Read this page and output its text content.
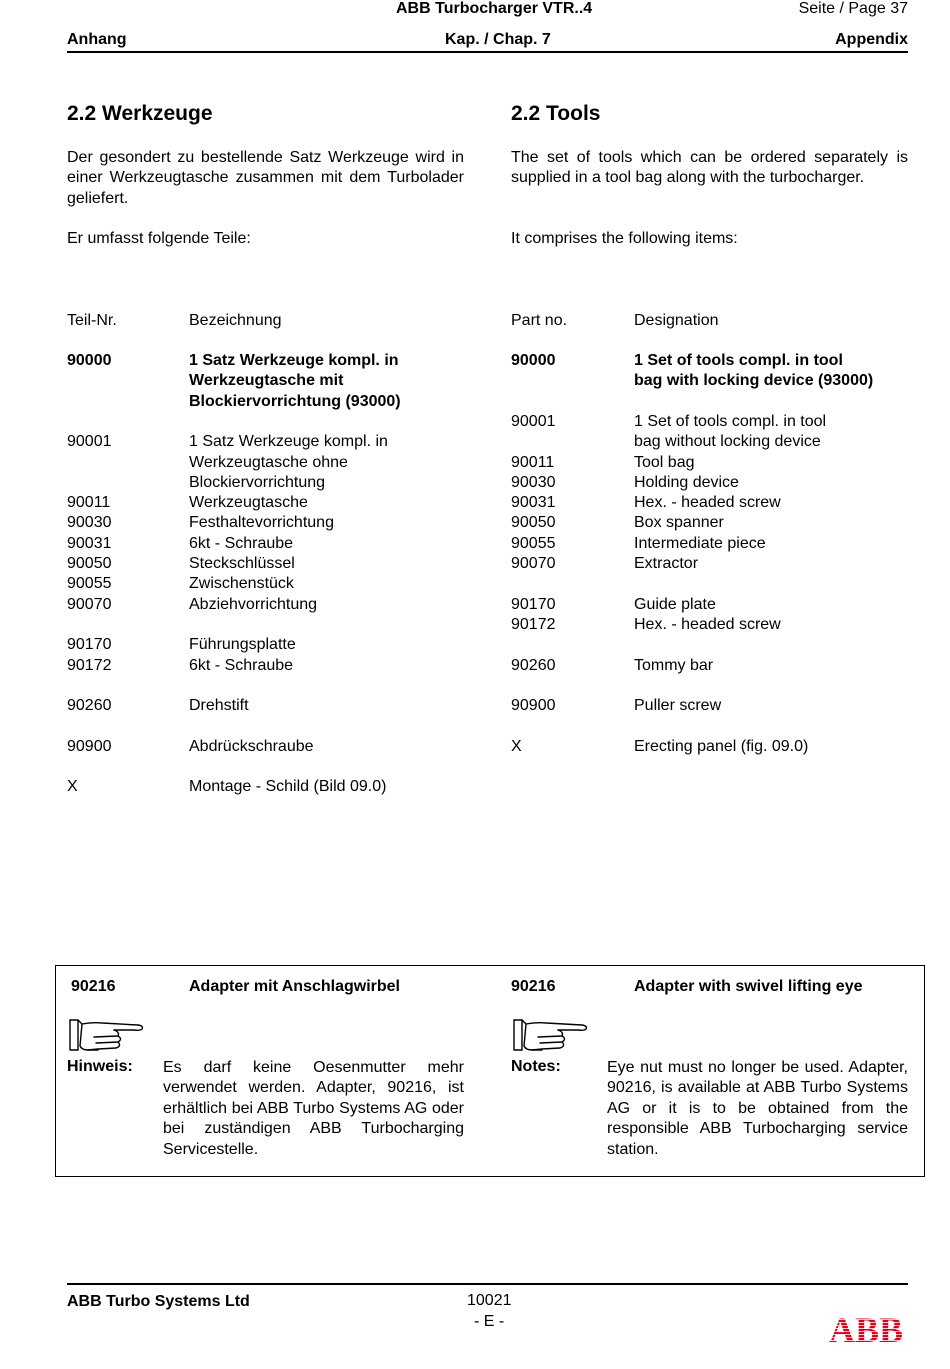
ABB Turbocharger VTR..4	Seite / Page 37
Anhang	Kap. / Chap. 7	Appendix
2.2 Werkzeuge	2.2 Tools
Der gesondert zu bestellende Satz Werkzeuge wird in einer Werkzeugtasche zusammen mit dem Turbolader geliefert.
The set of tools which can be ordered separately is supplied in a tool bag along with the turbocharger.
Er umfasst folgende Teile:	It comprises the following items:
Teil-Nr.	Bezeichnung	Part no.	Designation
90000	1 Satz Werkzeuge kompl. in
Werkzeugtasche mit
Blockiervorrichtung (93000)
90001	1 Satz Werkzeuge kompl. in
Werkzeugtasche ohne
Blockiervorrichtung
90011	Werkzeugtasche
90030	Festhaltevorrichtung
90031	6kt - Schraube
90050	Steckschlüssel
90055	Zwischenstück
90070	Abziehvorrichtung
90170	Führungsplatte
90172	6kt - Schraube
90260	Drehstift
90900	Abdrückschraube
X	Montage - Schild (Bild 09.0)
90000	1 Set of tools compl. in tool
bag with locking device (93000)
90001	1 Set of tools compl. in tool
bag without locking device
90011	Tool bag
90030	Holding device
90031	Hex. - headed screw
90050	Box spanner
90055	Intermediate piece
90070	Extractor
90170	Guide plate
90172	Hex. - headed screw
90260	Tommy bar
90900	Puller screw
X	Erecting panel (fig. 09.0)
90216	Adapter mit Anschlagwirbel	90216	Adapter with swivel lifting eye
Hinweis: Es darf keine Oesenmutter mehr verwendet werden. Adapter, 90216, ist erhältlich bei ABB Turbo Systems AG oder bei zuständigen ABB Turbocharging Servicestelle.
Notes:	Eye nut must no longer be used. Adapter, 90216, is available at ABB Turbo Systems AG or it is to be obtained from the responsible ABB Turbocharging service station.
ABB Turbo Systems Ltd	10021
- E -	ABB
